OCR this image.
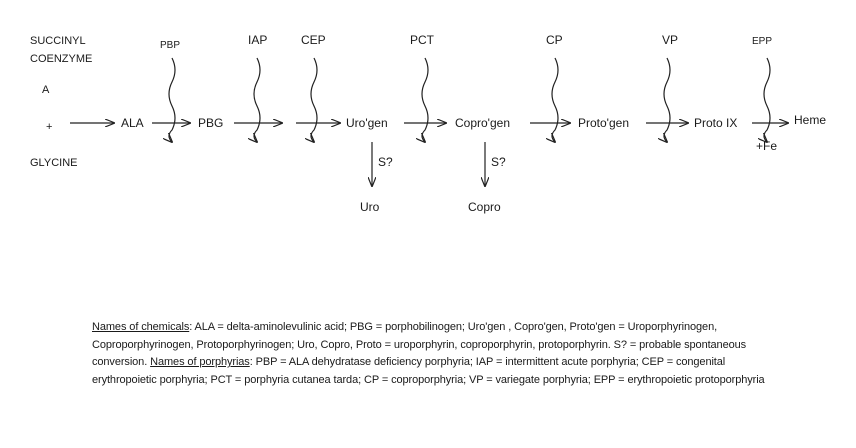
SUCCINYL
COENZYME
A
+
GLYCINE
ALA	PBG	Uro'gen	Copro'gen	Proto'gen	Proto IX	Heme
PBP	IAP	CEP	PCT	CP	VP	EPP
S?
Uro
S?
Copro
+Fe
Names of chemicals: ALA = delta-aminolevulinic acid; PBG = porphobilinogen; Uro'gen , Copro'gen, Proto'gen = Uroporphyrinogen, Coproporphyrinogen, Protoporphyrinogen; Uro, Copro, Proto = uroporphyrin, coproporphyrin, protoporphyrin. S? = probable spontaneous conversion. Names of porphyrias: PBP = ALA dehydratase deficiency porphyria; IAP = intermittent acute porphyria; CEP = congenital erythropoietic porphyria; PCT = porphyria cutanea tarda; CP = coproporphyria; VP = variegate porphyria; EPP = erythropoietic protoporphyria
